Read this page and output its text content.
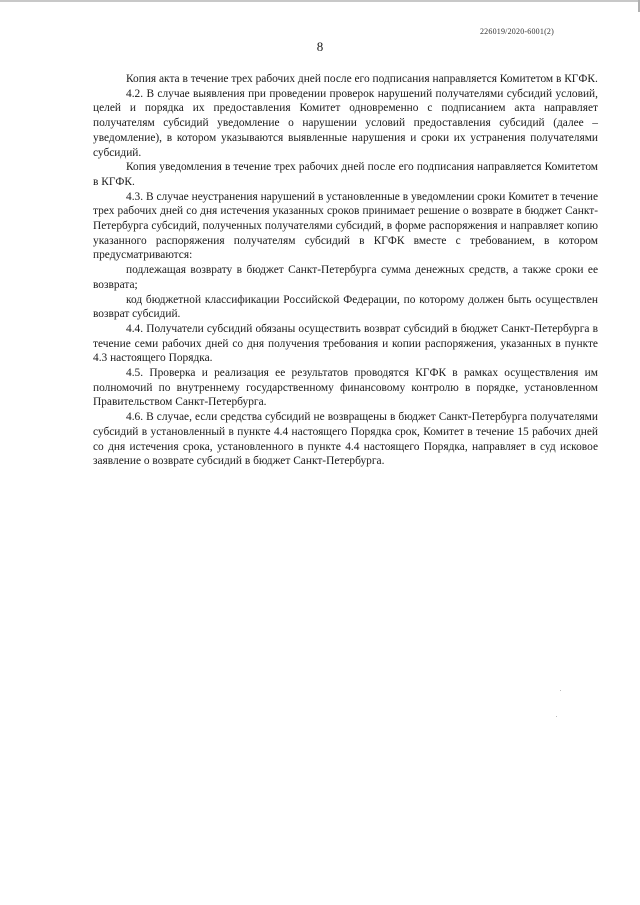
226019/2020-6001(2)
8

Копия акта в течение трех рабочих дней после его подписания направляется Комитетом в КГФК.

4.2. В случае выявления при проведении проверок нарушений получателями субсидий условий, целей и порядка их предоставления Комитет одновременно с подписанием акта направляет получателям субсидий уведомление о нарушении условий предоставления субсидий (далее – уведомление), в котором указываются выявленные нарушения и сроки их устранения получателями субсидий.

Копия уведомления в течение трех рабочих дней после его подписания направляется Комитетом в КГФК.

4.3. В случае неустранения нарушений в установленные в уведомлении сроки Комитет в течение трех рабочих дней со дня истечения указанных сроков принимает решение о возврате в бюджет Санкт-Петербурга субсидий, полученных получателями субсидий, в форме распоряжения и направляет копию указанного распоряжения получателям субсидий в КГФК вместе с требованием, в котором предусматриваются:

подлежащая возврату в бюджет Санкт-Петербурга сумма денежных средств, а также сроки ее возврата;

код бюджетной классификации Российской Федерации, по которому должен быть осуществлен возврат субсидий.

4.4. Получатели субсидий обязаны осуществить возврат субсидий в бюджет Санкт-Петербурга в течение семи рабочих дней со дня получения требования и копии распоряжения, указанных в пункте 4.3 настоящего Порядка.

4.5. Проверка и реализация ее результатов проводятся КГФК в рамках осуществления им полномочий по внутреннему государственному финансовому контролю в порядке, установленном Правительством Санкт-Петербурга.

4.6. В случае, если средства субсидий не возвращены в бюджет Санкт-Петербурга получателями субсидий в установленный в пункте 4.4 настоящего Порядка срок, Комитет в течение 15 рабочих дней со дня истечения срока, установленного в пункте 4.4 настоящего Порядка, направляет в суд исковое заявление о возврате субсидий в бюджет Санкт-Петербурга.
